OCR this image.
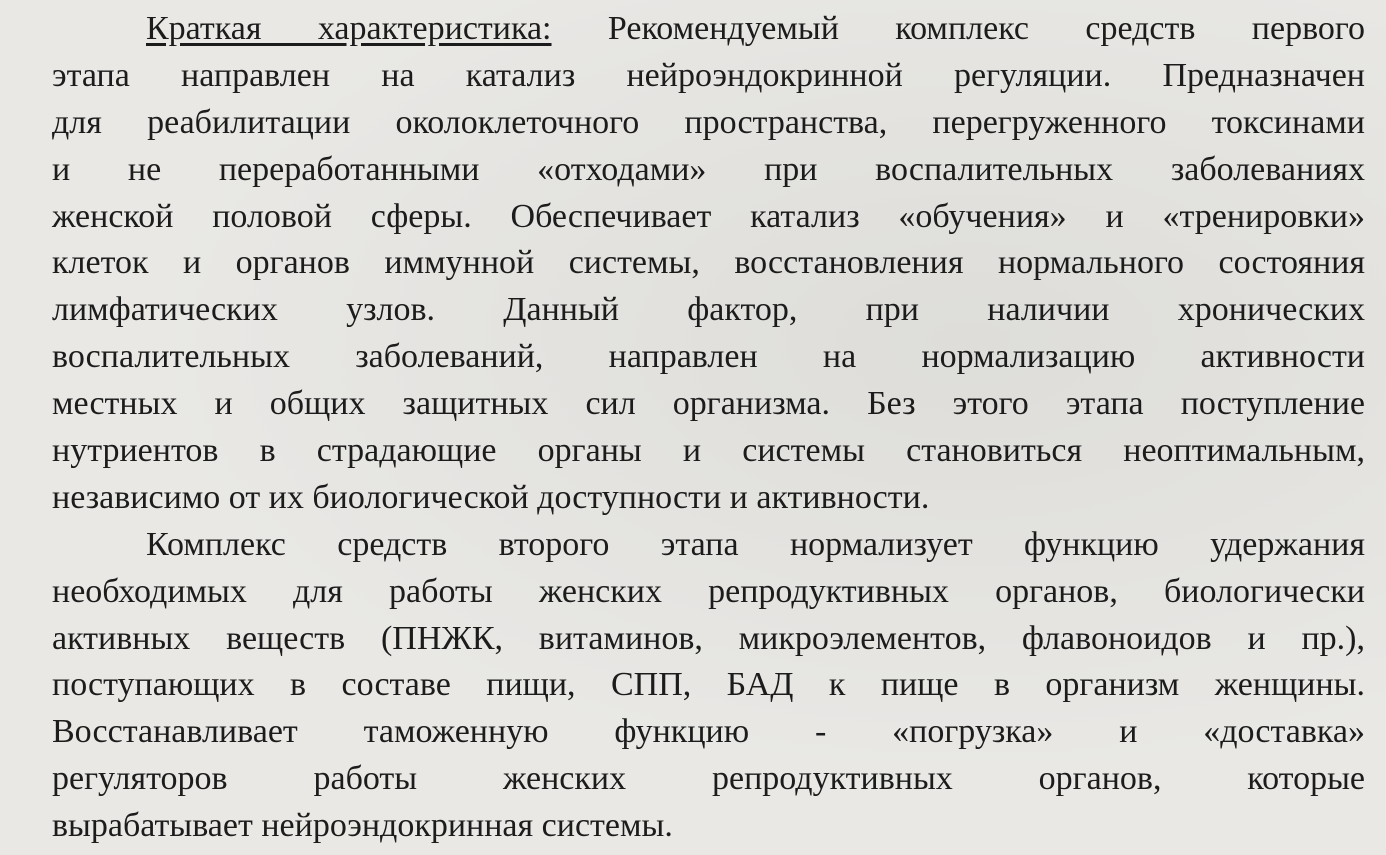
Краткая характеристика: Рекомендуемый комплекс средств первого
этапа направлен на катализ нейроэндокринной регуляции. Предназначен
для реабилитации околоклеточного пространства, перегруженного токсинами
и не переработанными «отходами» при воспалительных заболеваниях
женской половой сферы. Обеспечивает катализ «обучения» и «тренировки»
клеток и органов иммунной системы, восстановления нормального состояния
лимфатических узлов. Данный фактор, при наличии хронических
воспалительных заболеваний, направлен на нормализацию активности
местных и общих защитных сил организма. Без этого этапа поступление
нутриентов в страдающие органы и системы становиться неоптимальным,
независимо от их биологической доступности и активности.
Комплекс средств второго этапа нормализует функцию удержания
необходимых для работы женских репродуктивных органов, биологически
активных веществ (ПНЖК, витаминов, микроэлементов, флавоноидов и пр.),
поступающих в составе пищи, СПП, БАД к пище в организм женщины.
Восстанавливает таможенную функцию - «погрузка» и «доставка»
регуляторов работы женских репродуктивных органов, которые
вырабатывает нейроэндокринная системы.
